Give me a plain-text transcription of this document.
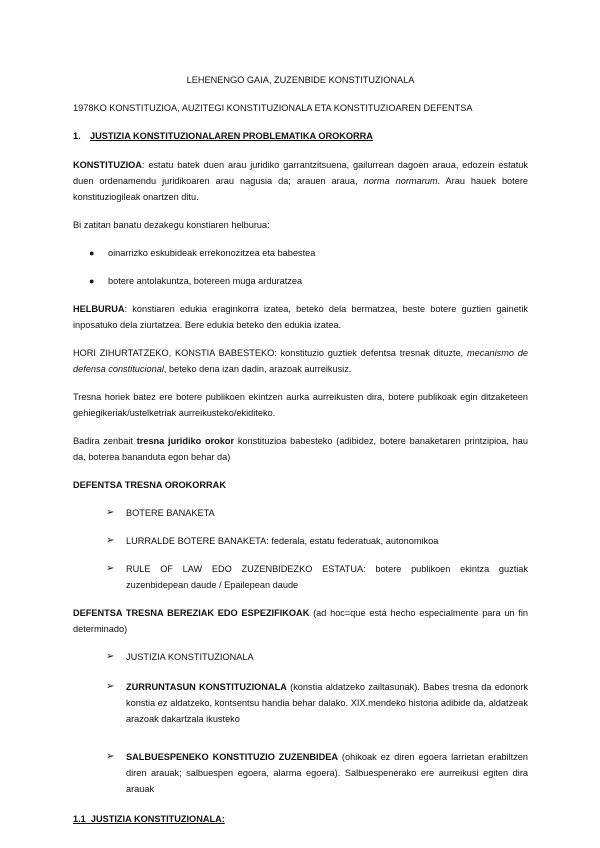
LEHENENGO GAIA, ZUZENBIDE KONSTITUZIONALA

1978KO KONSTITUZIOA, AUZITEGI KONSTITUZIONALA ETA KONSTITUZIOAREN DEFENTSA

1. JUSTIZIA KONSTITUZIONALAREN PROBLEMATIKA OROKORRA

KONSTITUZIOA: estatu batek duen arau juridiko garrantzitsuena, gailurrean dagoen araua, edozein estatuk duen ordenamendu juridikoaren arau nagusia da; arauen araua, norma normarum. Arau hauek botere konstituziogileak onartzen ditu.

Bi zatitan banatu dezakegu konstiaren helburua:

● oinarrizko eskubideak errekonozitzea eta babestea
● botere antolakuntza, botereen muga arduratzea

HELBURUA: konstiaren edukia eraginkorra izatea, beteko dela bermatzea, beste botere guztien gainetik inposatuko dela ziurtatzea. Bere edukia beteko den edukia izatea.

HORI ZIHURTATZEKO, KONSTIA BABESTEKO: konstituzio guztiek defentsa tresnak dituzte, mecanismo de defensa constitucional, beteko dena izan dadin, arazoak aurreikusiz.

Tresna horiek batez ere botere publikoen ekintzen aurka aurreikusten dira, botere publikoak egin ditzaketeen gehiegikeriak/ustelketriak aurreikusteko/ekiditeko.

Badira zenbait tresna juridiko orokor konstituzioa babesteko (adibidez, botere banaketaren printzipioa, hau da, boterea bananduta egon behar da)

DEFENTSA TRESNA OROKORRAK

➢ BOTERE BANAKETA
➢ LURRALDE BOTERE BANAKETA: federala, estatu federatuak, autonomikoa
➢ RULE OF LAW EDO ZUZENBIDEZKO ESTATUA: botere publikoen ekintza guztiak zuzenbidepean daude / Epailepean daude

DEFENTSA TRESNA BEREZIAK EDO ESPEZIFIKOAK (ad hoc=que está hecho especialmente para un fin determinado)

➢ JUSTIZIA KONSTITUZIONALA
➢ ZURRUNTASUN KONSTITUZIONALA (konstia aldatzeko zailtasunak). Babes tresna da edonork konstia ez aldatzeko, kontsentsu handia behar dalako. XIX.mendeko historia adibide da, aldatzeak arazoak dakartzala ikusteko
➢ SALBUESPENEKO KONSTITUZIO ZUZENBIDEA (ohikoak ez diren egoera larrietan erabiltzen diren arauak; salbuespen egoera, alarma egoera). Salbuespenerako ere aurreikusi egiten dira arauak

1.1 JUSTIZIA KONSTITUZIONALA:
